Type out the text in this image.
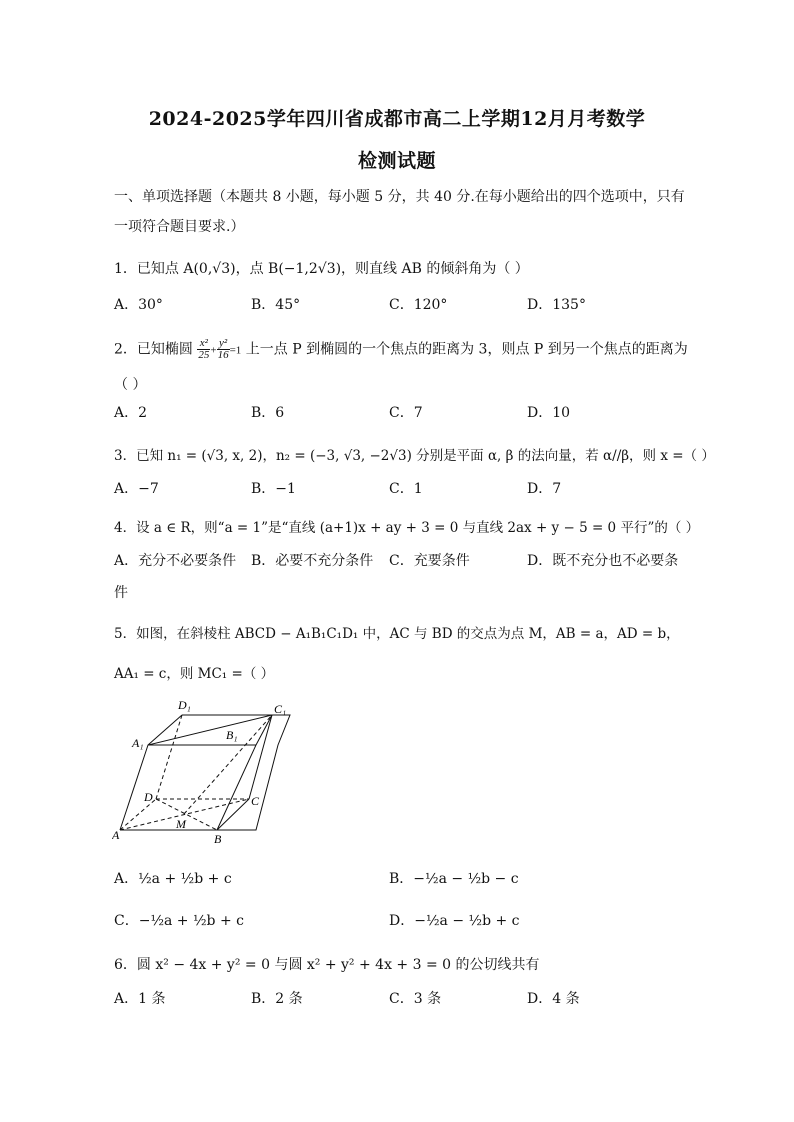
2024-2025学年四川省成都市高二上学期12月月考数学
检测试题
一、单项选择题（本题共 8 小题，每小题 5 分，共 40 分.在每小题给出的四个选项中，只有
一项符合题目要求.）
1．已知点 A(0,√3)，点 B(−1,2√3)，则直线 AB 的倾斜角为（ ）
A．30°	B．45°	C．120°	D．135°
2．已知椭圆 $\frac{\text{x²}}{25} + \frac{\text{y²}}{16} =1$ 上一点 P 到椭圆的一个焦点的距离为 3，则点 P 到另一个焦点的距离为
（ ）
A．2	B．6	C．7	D．10
3．已知 n₁ = (√3, x, 2)，n₂ = (−3, √3, −2√3) 分别是平面 α, β 的法向量，若 α//β，则 x =（ ）
A．−7	B．−1	C．1	D．7
4．设 a ∈ R，则“a = 1”是“直线 (a+1)x + ay + 3 = 0 与直线 2ax + y − 5 = 0 平行”的（ ）
A．充分不必要条件 B．必要不充分条件 C．充要条件	D．既不充分也不必要条
件
5．如图，在斜棱柱 ABCD − A₁B₁C₁D₁ 中，AC 与 BD 的交点为点 M，AB = a，AD = b，
AA₁ = c，则 MC₁ =（ ）
D₁	C₁
A₁
B₁
D	C
M
A	B
A．½a + ½b + c	B．−½a − ½b − c
C．−½a + ½b + c	D．−½a − ½b + c
6．圆 x² − 4x + y² = 0 与圆 x² + y² + 4x + 3 = 0 的公切线共有
A．1 条	B．2 条	C．3 条	D．4 条
